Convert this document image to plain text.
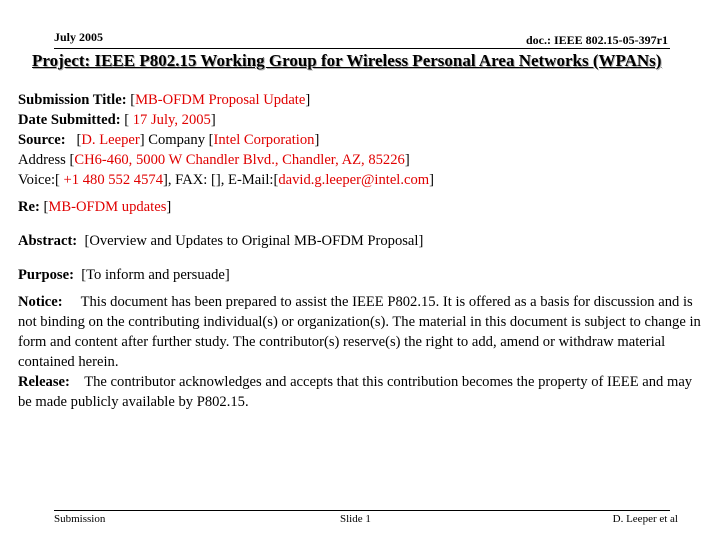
July 2005	doc.: IEEE 802.15-05-397r1
Project: IEEE P802.15 Working Group for Wireless Personal Area Networks (WPANs)
Submission Title: [MB-OFDM Proposal Update]
Date Submitted: [ 17 July, 2005]
Source:   [D. Leeper] Company [Intel Corporation]
Address [CH6-460, 5000 W Chandler Blvd., Chandler, AZ, 85226]
Voice:[ +1 480 552 4574], FAX: [], E-Mail:[david.g.leeper@intel.com]
Re: [MB-OFDM updates]
Abstract: [Overview and Updates to Original MB-OFDM Proposal]
Purpose: [To inform and persuade]
Notice: This document has been prepared to assist the IEEE P802.15. It is offered as a basis for discussion and is not binding on the contributing individual(s) or organization(s). The material in this document is subject to change in form and content after further study. The contributor(s) reserve(s) the right to add, amend or withdraw material contained herein.
Release: The contributor acknowledges and accepts that this contribution becomes the property of IEEE and may be made publicly available by P802.15.
Submission	Slide 1	D. Leeper et al
